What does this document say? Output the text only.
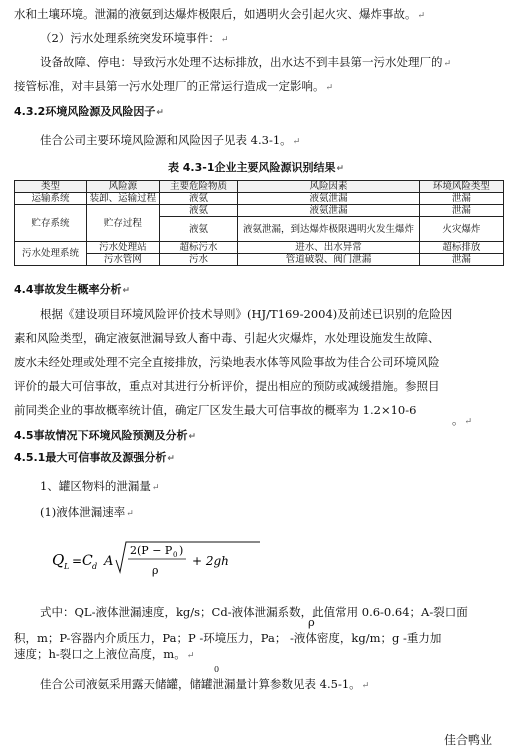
水和土壤环境。泄漏的液氨到达爆炸极限后，如遇明火会引起火灾、爆炸事故。↵
（2）污水处理系统突发环境事件：↵
设备故障、停电：导致污水处理不达标排放，出水达不到丰县第一污水处理厂的↵
接管标准，对丰县第一污水处理厂的正常运行造成一定影响。↵
4.3.2环境风险源及风险因子↵
佳合公司主要环境风险源和风险因子见表 4.3-1。↵
表 4.3-1企业主要风险源识别结果↵
类型	风险源	主要危险物质	风险因素	环境风险类型
运输系统	装卸、运输过程	液氨	液氨泄漏	泄漏
贮存系统	贮存过程	液氨	液氨泄漏	泄漏
		液氨	液氨泄漏，到达爆炸极限遇明火发生爆炸	火灾爆炸
污水处理系统	污水处理站	超标污水	进水、出水异常	超标排放
	污水管网	污水	管道破裂、阀门泄漏	泄漏
4.4事故发生概率分析↵
根据《建设项目环境风险评价技术导则》(HJ/T169-2004)及前述已识别的危险因
素和风险类型，确定液氨泄漏导致人畜中毒、引起火灾爆炸，水处理设施发生故障、
废水未经处理或处理不完全直接排放，污染地表水体等风险事故为佳合公司环境风险
评价的最大可信事故，重点对其进行分析评价，提出相应的预防或减缓措施。参照目
前同类企业的事故概率统计值，确定厂区发生最大可信事故的概率为 1.2×10-6
。↵
4.5事故情况下环境风险预测及分析↵
4.5.1最大可信事故及源强分析↵
1、罐区物料的泄漏量↵
(1)液体泄漏速率↵
Q L = C d A
2(P − P 0 )
ρ
+ 2gh
ρ
式中：QL-液体泄漏速度，kg/s；Cd-液体泄漏系数，此值常用 0.6-0.64；A-裂口面
积，m；P-容器内介质压力，Pa；P -环境压力，Pa； -液体密度，kg/m；g -重力加
速度；h-裂口之上液位高度，m。↵
0
佳合公司液氨采用露天储罐，储罐泄漏量计算参数见表 4.5-1。↵
佳合鸭业
